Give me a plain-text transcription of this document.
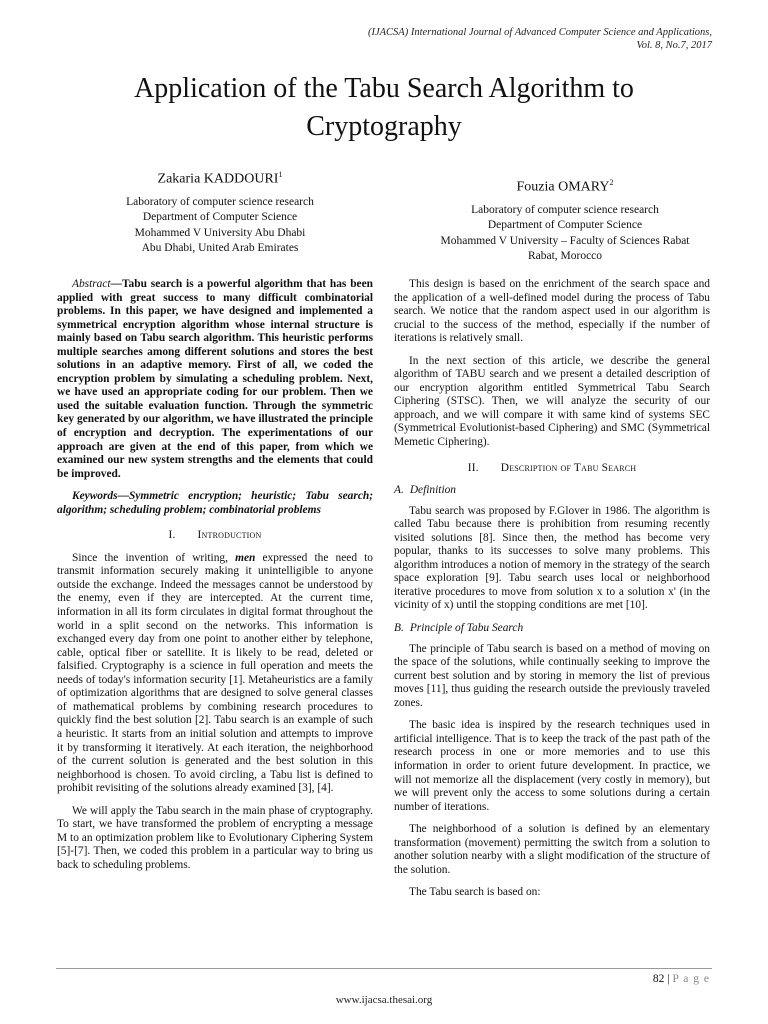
(IJACSA) International Journal of Advanced Computer Science and Applications,
Vol. 8, No.7, 2017
Application of the Tabu Search Algorithm to
Cryptography
Zakaria KADDOURI$^1$
Laboratory of computer science research
Department of Computer Science
Mohammed V University Abu Dhabi
Abu Dhabi, United Arab Emirates
Fouzia OMARY$^2$
Laboratory of computer science research
Department of Computer Science
Mohammed V University – Faculty of Sciences Rabat
Rabat, Morocco

Abstract—Tabu search is a powerful algorithm that has been applied with great success to many difficult combinatorial problems. In this paper, we have designed and implemented a symmetrical encryption algorithm whose internal structure is mainly based on Tabu search algorithm. This heuristic performs multiple searches among different solutions and stores the best solutions in an adaptive memory. First of all, we coded the encryption problem by simulating a scheduling problem. Next, we have used an appropriate coding for our problem. Then we used the suitable evaluation function. Through the symmetric key generated by our algorithm, we have illustrated the principle of encryption and decryption. The experimentations of our approach are given at the end of this paper, from which we examined our new system strengths and the elements that could be improved.

Keywords—Symmetric encryption; heuristic; Tabu search; algorithm; scheduling problem; combinatorial problems

I. Introduction

Since the invention of writing, men expressed the need to transmit information securely making it unintelligible to anyone outside the exchange. Indeed the messages cannot be understood by the enemy, even if they are intercepted. At the current time, information in all its form circulates in digital format throughout the world in a split second on the networks. This information is exchanged every day from one point to another either by telephone, cable, optical fiber or satellite. It is likely to be read, deleted or falsified. Cryptography is a science in full operation and meets the needs of today's information security [1]. Metaheuristics are a family of optimization algorithms that are designed to solve general classes of mathematical problems by combining research procedures to quickly find the best solution [2]. Tabu search is an example of such a heuristic. It starts from an initial solution and attempts to improve it by transforming it iteratively. At each iteration, the neighborhood of the current solution is generated and the best solution in this neighborhood is chosen. To avoid circling, a Tabu list is defined to prohibit revisiting of the solutions already examined [3], [4].

We will apply the Tabu search in the main phase of cryptography. To start, we have transformed the problem of encrypting a message M to an optimization problem like to Evolutionary Ciphering System [5]-[7]. Then, we coded this problem in a particular way to bring us back to scheduling problems.

This design is based on the enrichment of the search space and the application of a well-defined model during the process of Tabu search. We notice that the random aspect used in our algorithm is crucial to the success of the method, especially if the number of iterations is relatively small.

In the next section of this article, we describe the general algorithm of TABU search and we present a detailed description of our encryption algorithm entitled Symmetrical Tabu Search Ciphering (STSC). Then, we will analyze the security of our approach, and we will compare it with same kind of systems SEC (Symmetrical Evolutionist-based Ciphering) and SMC (Symmetrical Memetic Ciphering).

II. Description of Tabu Search
A. Definition

Tabu search was proposed by F.Glover in 1986. The algorithm is called Tabu because there is prohibition from resuming recently visited solutions [8]. Since then, the method has become very popular, thanks to its successes to solve many problems. This algorithm introduces a notion of memory in the strategy of the search space exploration [9]. Tabu search uses local or neighborhood iterative procedures to move from solution x to a solution x' (in the vicinity of x) until the stopping conditions are met [10].

B. Principle of Tabu Search

The principle of Tabu search is based on a method of moving on the space of the solutions, while continually seeking to improve the current best solution and by storing in memory the list of previous moves [11], thus guiding the research outside the previously traveled zones.

The basic idea is inspired by the research techniques used in artificial intelligence. That is to keep the track of the past path of the research process in one or more memories and to use this information in order to orient future development. In practice, we will not memorize all the displacement (very costly in memory), but we will prevent only the access to some solutions during a certain number of iterations.

The neighborhood of a solution is defined by an elementary transformation (movement) permitting the switch from a solution to another solution nearby with a slight modification of the structure of the solution.

The Tabu search is based on:

82 | P a g e
www.ijacsa.thesai.org
